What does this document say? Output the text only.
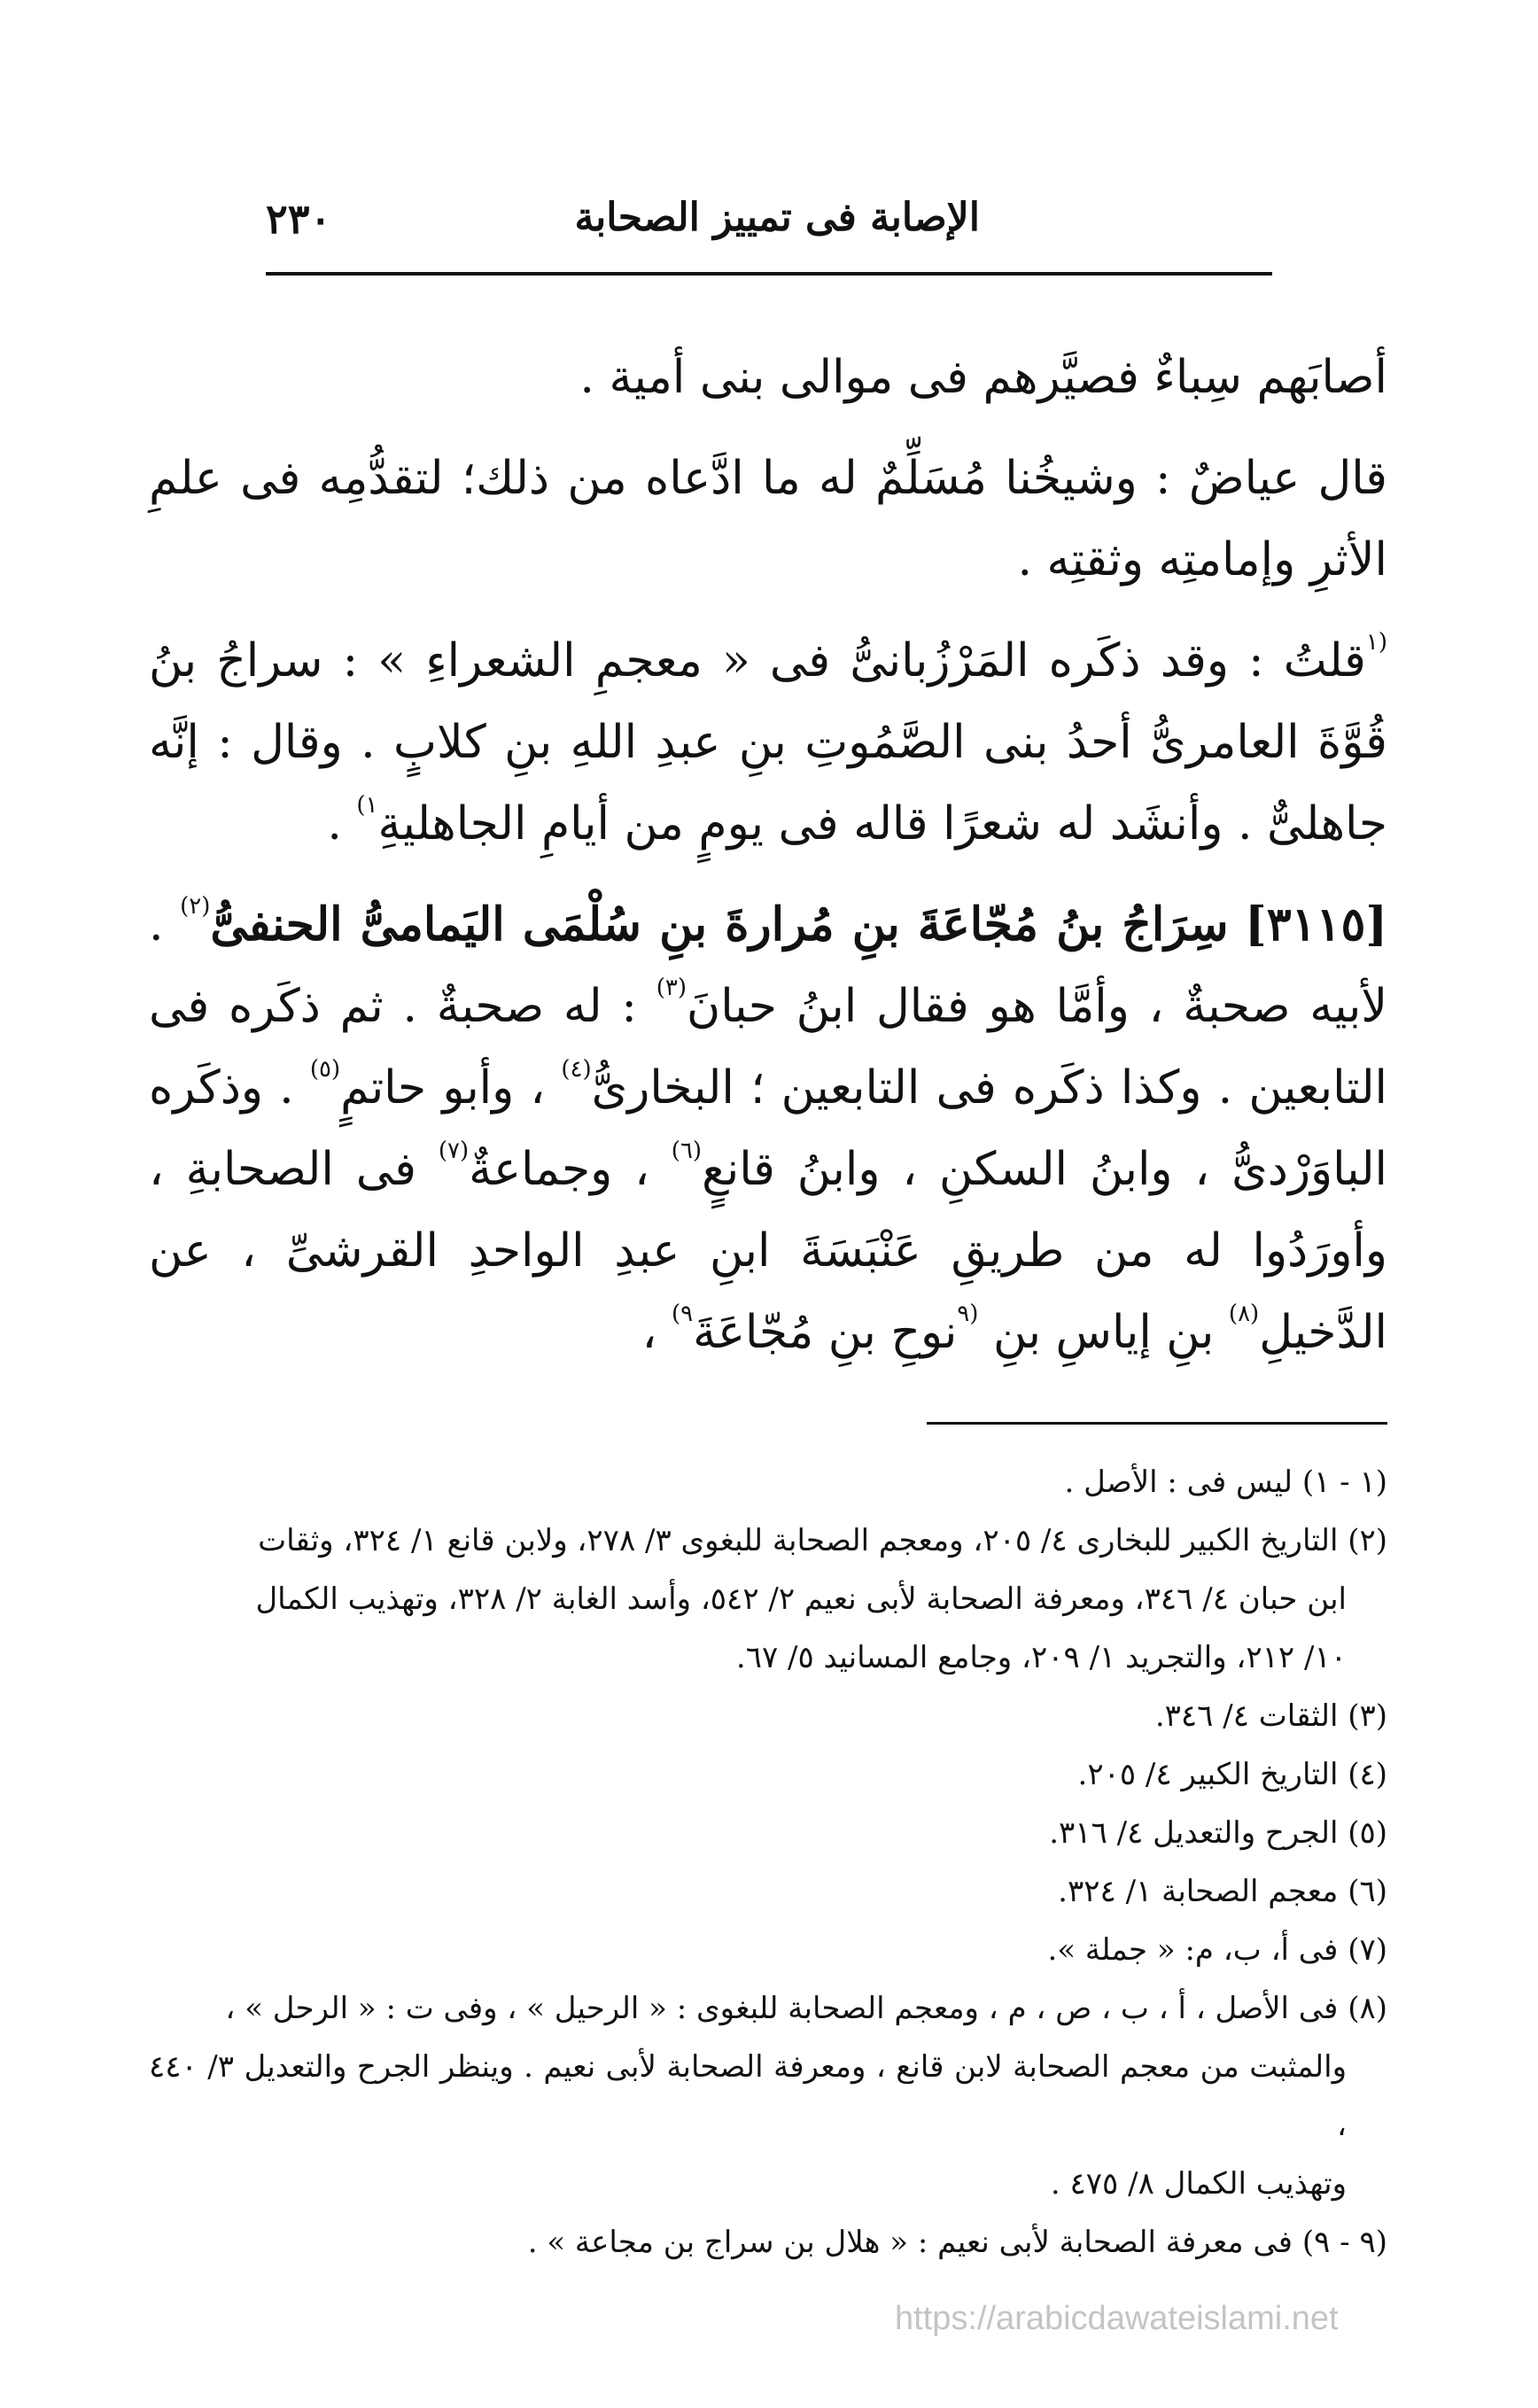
٢٣٠	الإصابة فى تمييز الصحابة

أصابَهم سِباءٌ فصيَّرهم فى موالى بنى أمية .

قال عياضٌ : وشيخُنا مُسَلِّمٌ له ما ادَّعاه من ذلك؛ لتقدُّمِه فى علمِ الأثرِ وإمامتِه وثقتِه .

$^{(١}$قلتُ : وقد ذكَره المَرْزُبانىُّ فى « معجمِ الشعراءِ » : سراجُ بنُ قُوَّةَ العامرىُّ أحدُ بنى الصَّمُوتِ بنِ عبدِ اللهِ بنِ كلابٍ . وقال : إنَّه جاهلىٌّ . وأنشَد له شعرًا قاله فى يومٍ من أيامِ الجاهليةِ$^{١)}$ .

[٣١١٥] سِرَاجُ بنُ مُجّاعَةَ بنِ مُرارةَ بنِ سُلْمَى اليَمامىُّ الحنفىُّ$^{(٢)}$ . لأبيه صحبةٌ ، وأمَّا هو فقال ابنُ حبانَ$^{(٣)}$ : له صحبةٌ . ثم ذكَره فى التابعين . وكذا ذكَره فى التابعين ؛ البخارىُّ$^{(٤)}$ ، وأبو حاتمٍ$^{(٥)}$ . وذكَره الباوَرْدىُّ ، وابنُ السكنِ ، وابنُ قانعٍ$^{(٦)}$ ، وجماعةٌ$^{(٧)}$ فى الصحابةِ ، وأورَدُوا له من طريقِ عَنْبَسَةَ ابنِ عبدِ الواحدِ القرشىِّ ، عن الدَّخيلِ$^{(٨)}$ بنِ إياسِ بنِ $^{(٩}$نوحِ بنِ مُجّاعَةَ$^{٩)}$ ،

(١ - ١) ليس فى : الأصل .

(٢) التاريخ الكبير للبخارى ٤/ ٢٠٥، ومعجم الصحابة للبغوى ٣/ ٢٧٨، ولابن قانع ١/ ٣٢٤، وثقات

ابن حبان ٤/ ٣٤٦، ومعرفة الصحابة لأبى نعيم ٢/ ٥٤٢، وأسد الغابة ٢/ ٣٢٨، وتهذيب الكمال

١٠/ ٢١٢، والتجريد ١/ ٢٠٩، وجامع المسانيد ٥/ ٦٧.

(٣) الثقات ٤/ ٣٤٦.

(٤) التاريخ الكبير ٤/ ٢٠٥.

(٥) الجرح والتعديل ٤/ ٣١٦.

(٦) معجم الصحابة ١/ ٣٢٤.

(٧) فى أ، ب، م: « جملة ».

(٨) فى الأصل ، أ ، ب ، ص ، م ، ومعجم الصحابة للبغوى : « الرحيل » ، وفى ت : « الرحل » ،

والمثبت من معجم الصحابة لابن قانع ، ومعرفة الصحابة لأبى نعيم . وينظر الجرح والتعديل ٣/ ٤٤٠ ،

وتهذيب الكمال ٨/ ٤٧٥ .

(٩ - ٩) فى معرفة الصحابة لأبى نعيم : « هلال بن سراج بن مجاعة » .

https://arabicdawateislami.net
